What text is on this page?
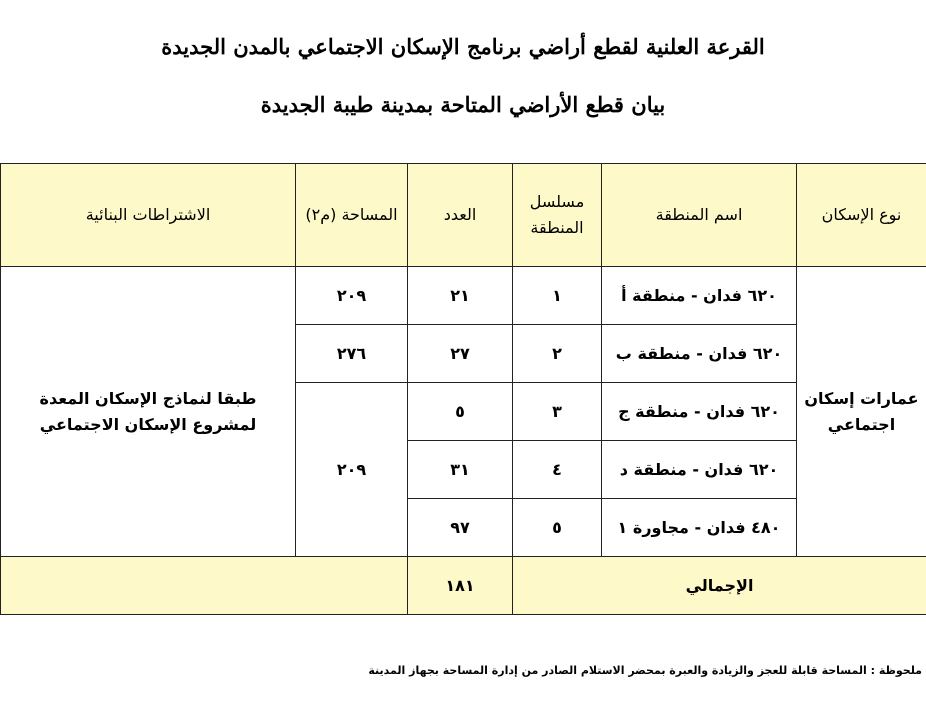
القرعة العلنية لقطع أراضي برنامج الإسكان الاجتماعي بالمدن الجديدة
بيان قطع الأراضي المتاحة بمدينة طيبة الجديدة
نوع الإسكان	اسم المنطقة	مسلسل المنطقة	العدد	المساحة (م٢)	الاشتراطات البنائية
عمارات إسكان اجتماعي	٦٢٠ فدان - منطقة أ	١	٢١	٢٠٩	طبقا لنماذج الإسكان المعدة لمشروع الإسكان الاجتماعي
	٦٢٠ فدان - منطقة ب	٢	٢٧	٢٧٦	
	٦٢٠ فدان - منطقة ج	٣	٥	٢٠٩	
	٦٢٠ فدان - منطقة د	٤	٣١		
	٤٨٠ فدان - مجاورة ١	٥	٩٧		
الإجمالي			١٨١		
ملحوظة : المساحة قابلة للعجز والزيادة والعبرة بمحضر الاستلام الصادر من إدارة المساحة بجهاز المدينة
